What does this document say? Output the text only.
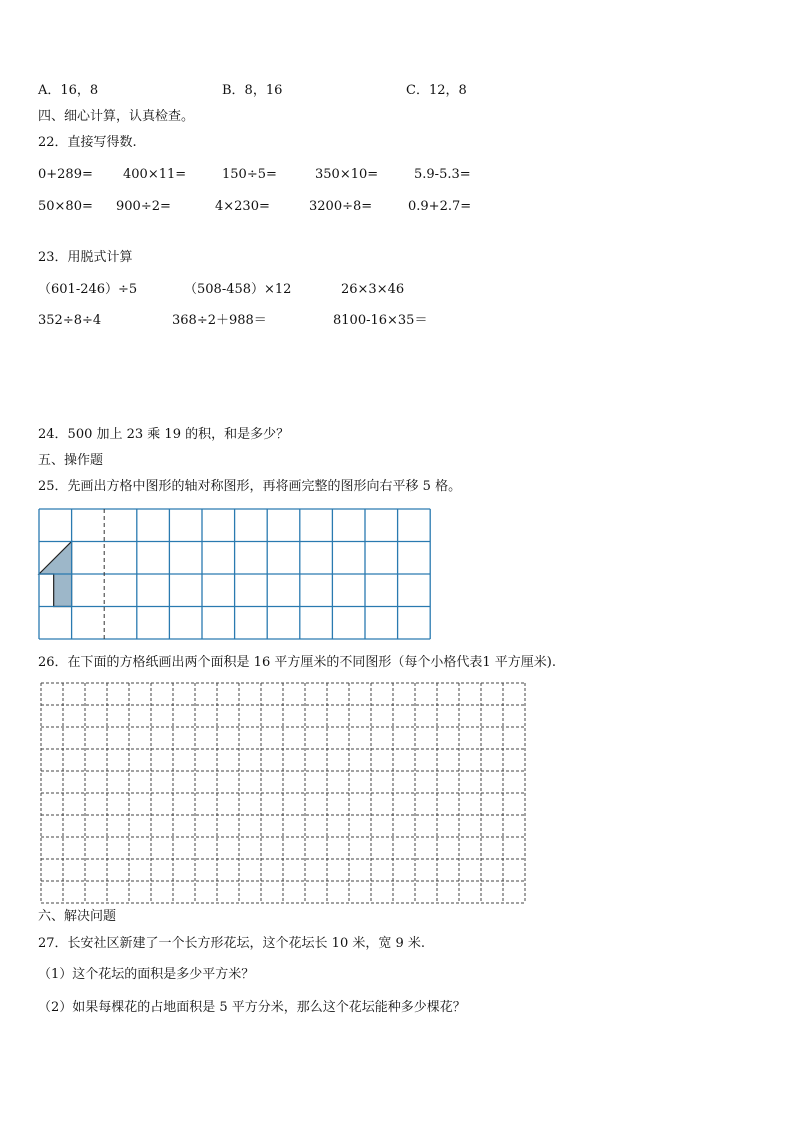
A．16，8	B．8，16	C．12，8
四、细心计算，认真检查。
22．直接写得数.
0+289= 400×11=	150÷5=	350×10=	5.9-5.3=
50×80= 900÷2=	4×230=	3200÷8=	0.9+2.7=
23．用脱式计算
（601-246）÷5	（508-458）×12	26×3×46
352÷8÷4	368÷2＋988＝	8100-16×35＝
24．500 加上 23 乘 19 的积，和是多少？
五、操作题
25．先画出方格中图形的轴对称图形，再将画完整的图形向右平移 5 格。
26．在下面的方格纸画出两个面积是 16 平方厘米的不同图形（每个小格代表1 平方厘米).
六、解决问题
27．长安社区新建了一个长方形花坛，这个花坛长 10 米，宽 9 米.
（1）这个花坛的面积是多少平方米？
（2）如果每棵花的占地面积是 5 平方分米，那么这个花坛能种多少棵花？
